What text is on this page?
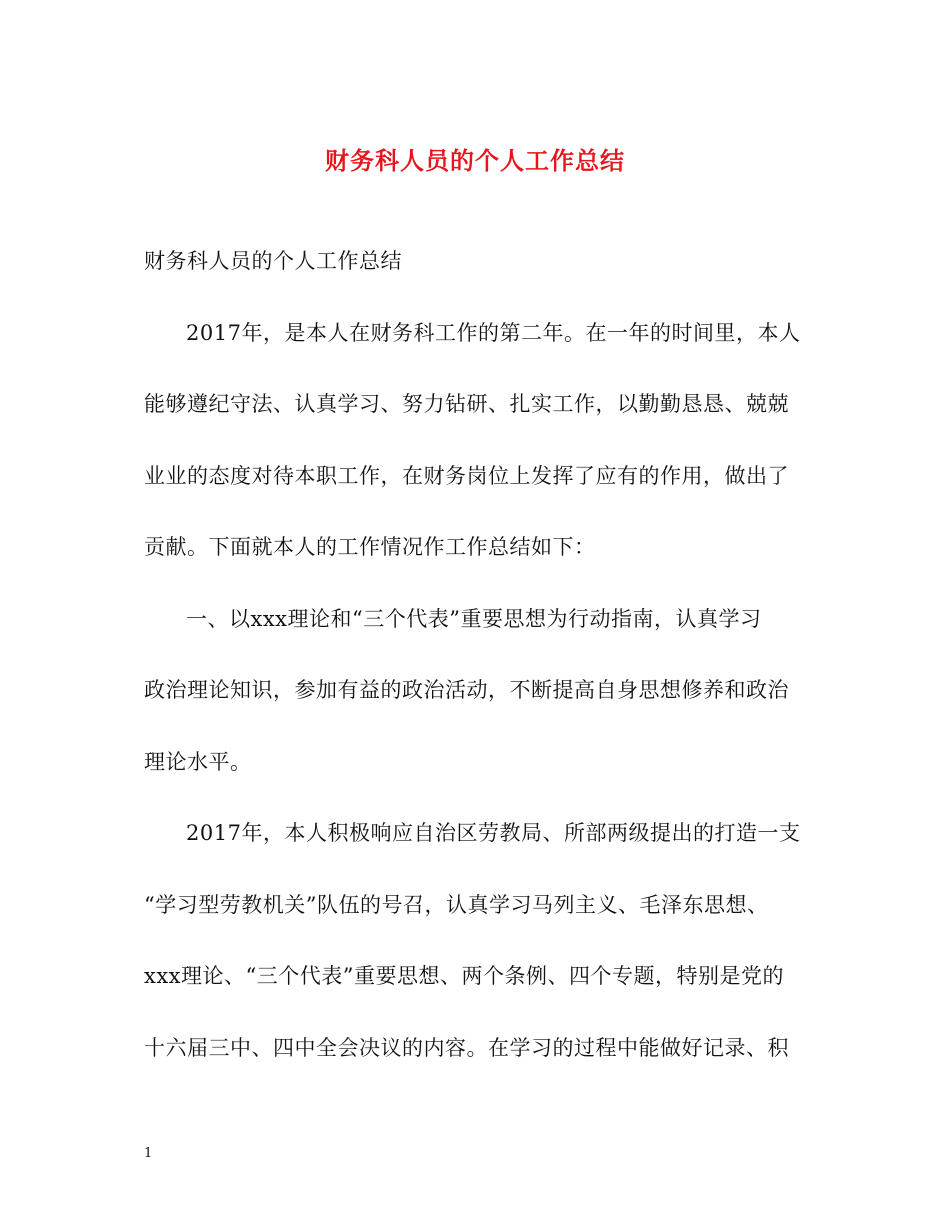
财务科人员的个人工作总结
财务科人员的个人工作总结
2017年，是本人在财务科工作的第二年。在一年的时间里，本人
能够遵纪守法、认真学习、努力钻研、扎实工作，以勤勤恳恳、兢兢
业业的态度对待本职工作，在财务岗位上发挥了应有的作用，做出了
贡献。下面就本人的工作情况作工作总结如下：
一、以xxx理论和“三个代表”重要思想为行动指南，认真学习
政治理论知识，参加有益的政治活动，不断提高自身思想修养和政治
理论水平。
2017年，本人积极响应自治区劳教局、所部两级提出的打造一支
“学习型劳教机关”队伍的号召，认真学习马列主义、毛泽东思想、
xxx理论、“三个代表”重要思想、两个条例、四个专题，特别是党的
十六届三中、四中全会决议的内容。在学习的过程中能做好记录、积
1
